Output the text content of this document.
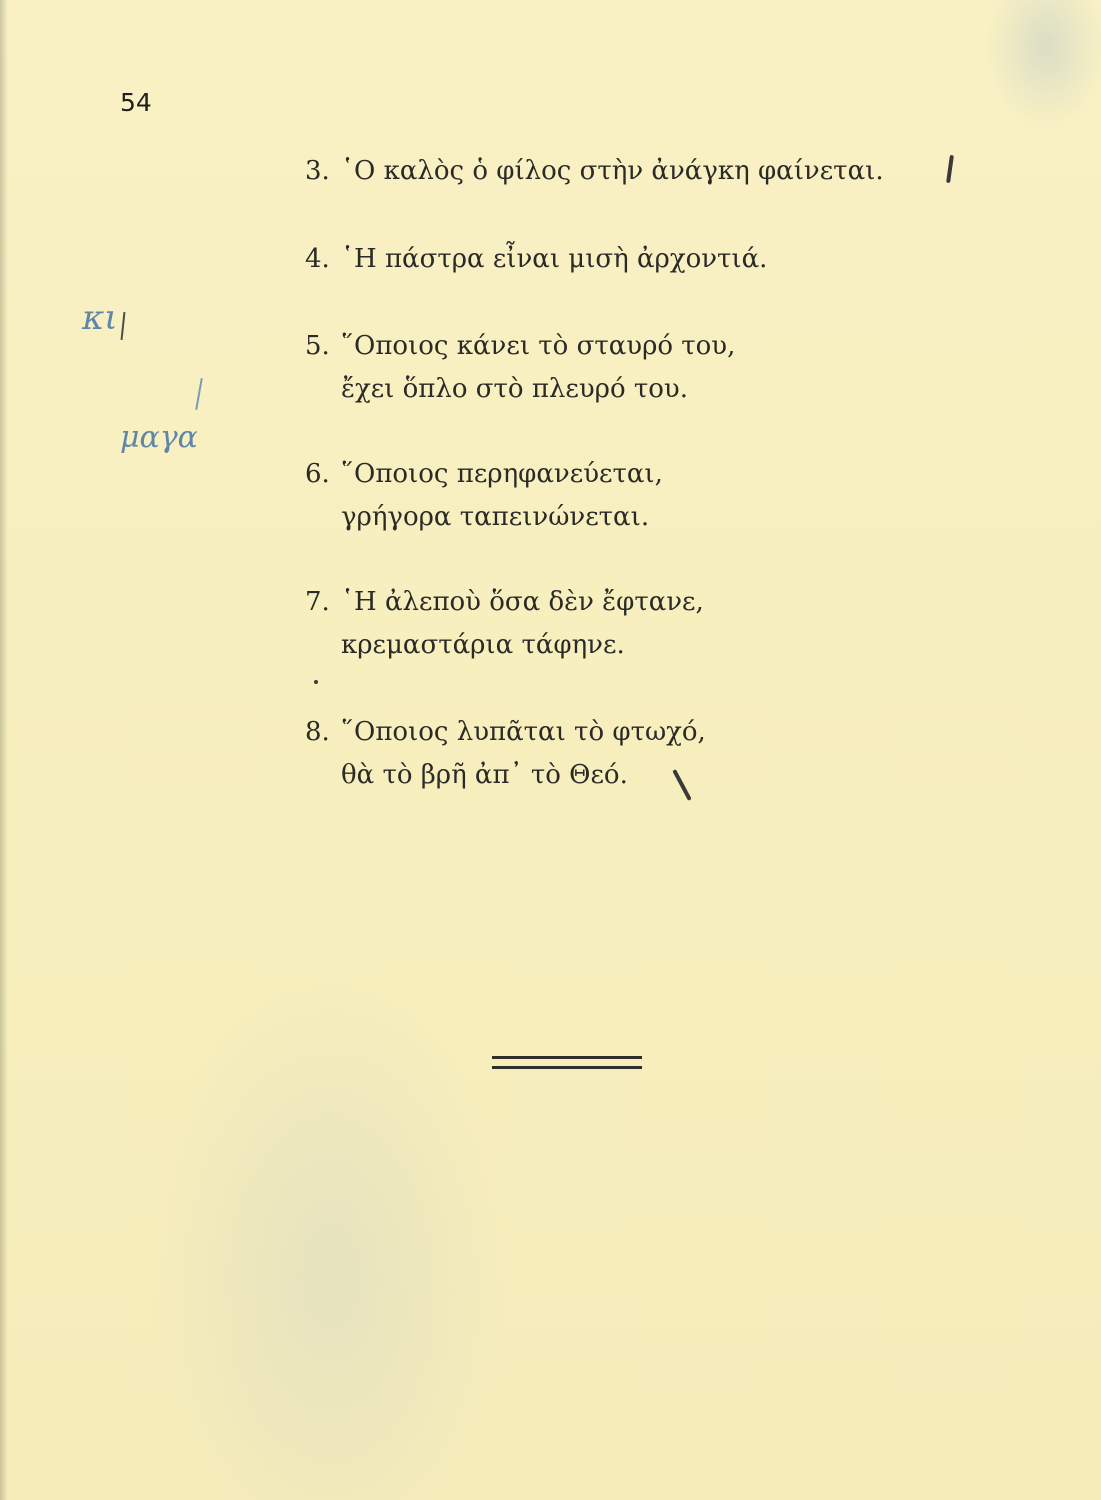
54
3. ῾Ο καλὸς ὁ φίλος στὴν ἀνάγκη φαίνεται.
4. ῾Η πάστρα εἶναι μισὴ ἀρχοντιά.
5. ῞Οποιος κάνει τὸ σταυρό του,
ἔχει ὅπλο στὸ πλευρό του.
6. ῞Οποιος περηφανεύεται,
γρήγορα ταπεινώνεται.
7. ῾Η ἀλεπoὺ ὅσα δὲν ἔφτανε,
κρεμαστάρια τάφηνε.
8. ῞Οποιος λυπᾶται τὸ φτωχό,
θὰ τὸ βρῆ ἀπ᾽ τὸ Θεό.
κι
μαγα
